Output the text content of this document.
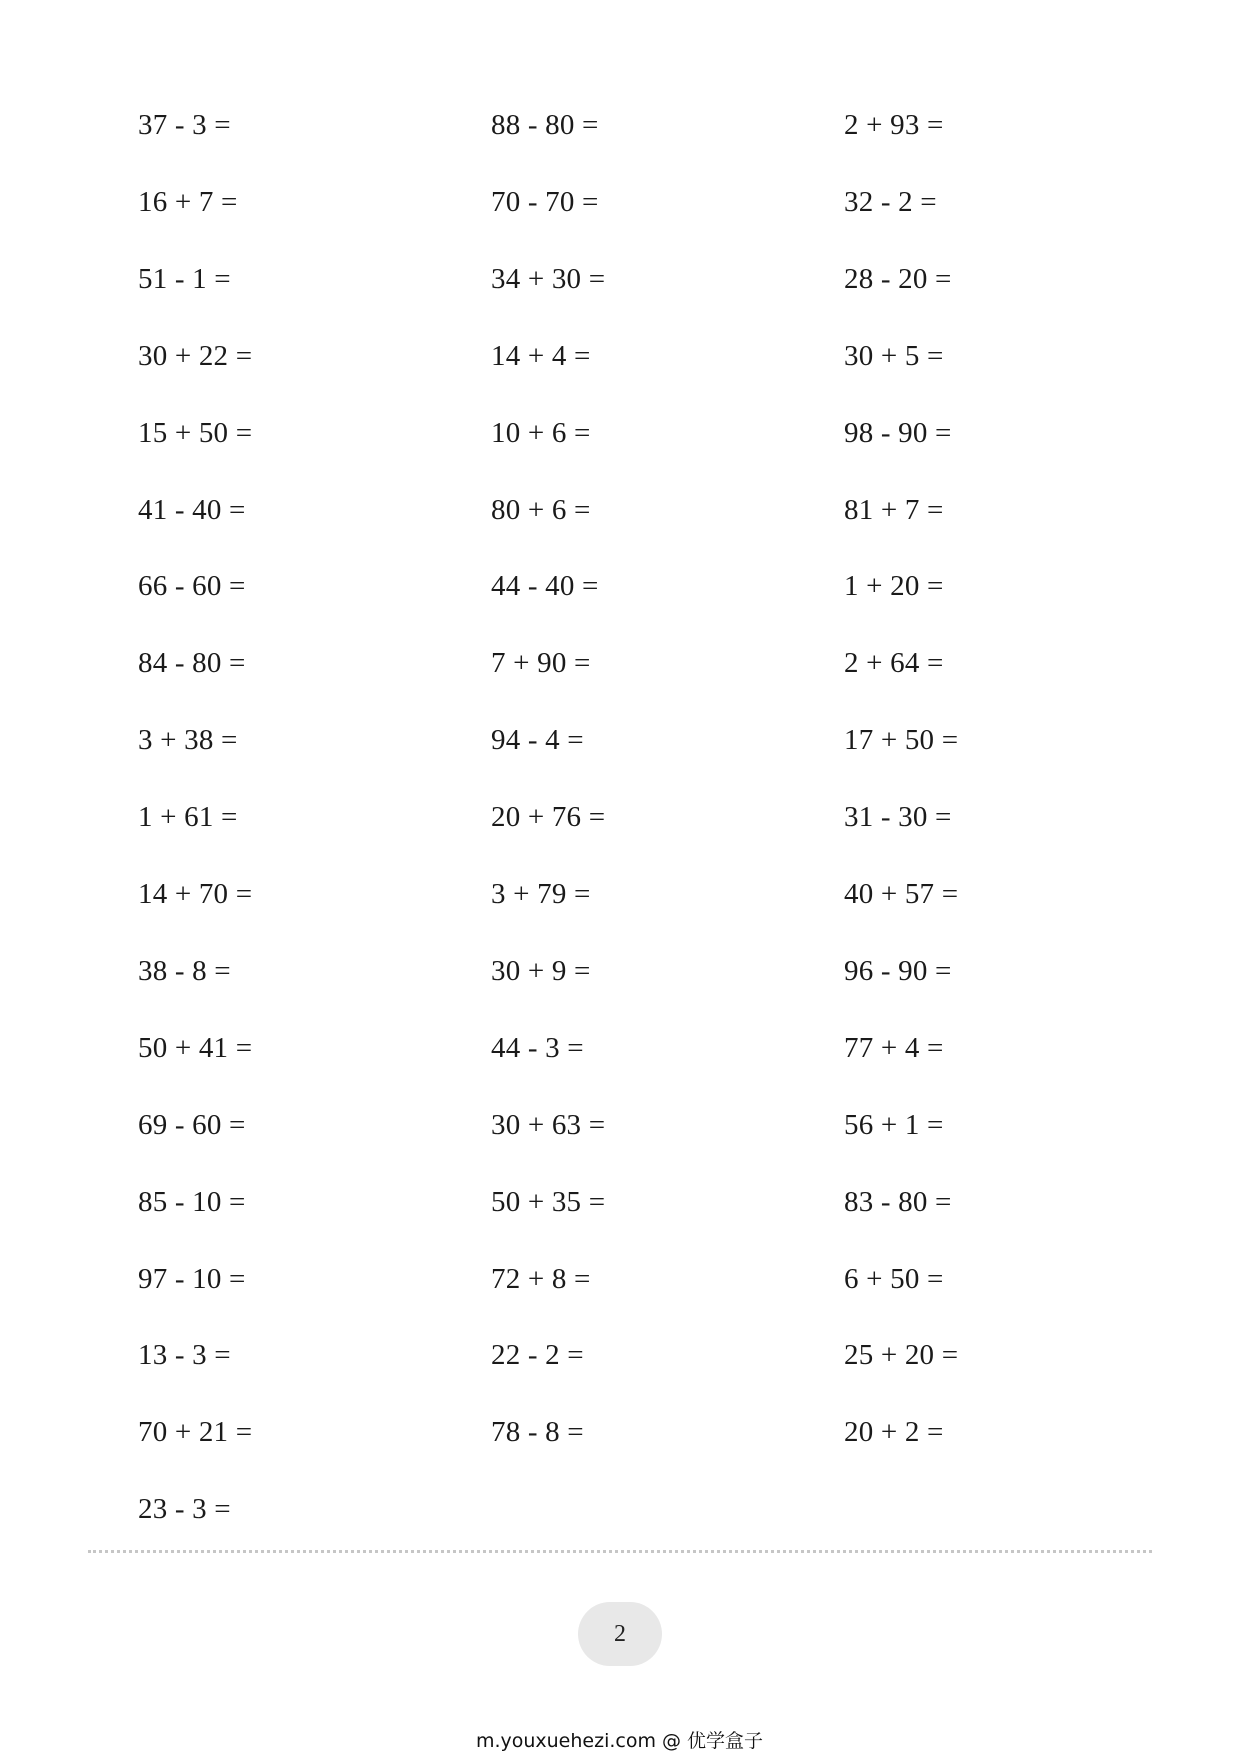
37 - 3 =
16 + 7 =
51 - 1 =
30 + 22 =
15 + 50 =
41 - 40 =
66 - 60 =
84 - 80 =
3 + 38 =
1 + 61 =
14 + 70 =
38 - 8 =
50 + 41 =
69 - 60 =
85 - 10 =
97 - 10 =
13 - 3 =
70 + 21 =
23 - 3 =
88 - 80 =
70 - 70 =
34 + 30 =
14 + 4 =
10 + 6 =
80 + 6 =
44 - 40 =
7 + 90 =
94 - 4 =
20 + 76 =
3 + 79 =
30 + 9 =
44 - 3 =
30 + 63 =
50 + 35 =
72 + 8 =
22 - 2 =
78 - 8 =
2 + 93 =
32 - 2 =
28 - 20 =
30 + 5 =
98 - 90 =
81 + 7 =
1 + 20 =
2 + 64 =
17 + 50 =
31 - 30 =
40 + 57 =
96 - 90 =
77 + 4 =
56 + 1 =
83 - 80 =
6 + 50 =
25 + 20 =
20 + 2 =
2
m.youxuehezi.com @ 优学盒子
